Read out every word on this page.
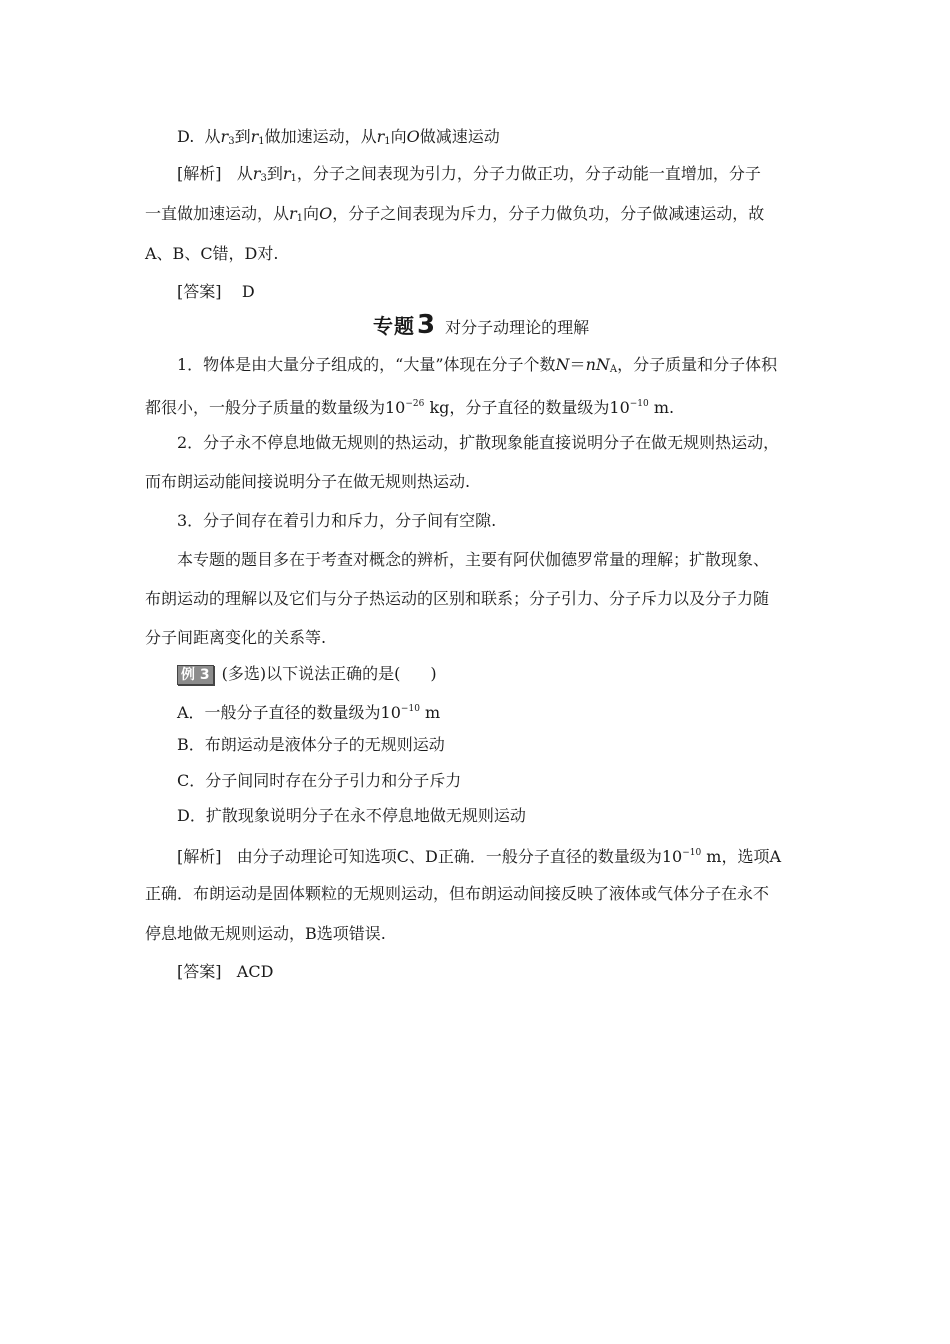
D. 从$r_3$到$r_1$做加速运动，从$r_1$向O做减速运动
[解析] 从$r_3$到$r_1$，分子之间表现为引力，分子力做正功，分子动能一直增加，分子
一直做加速运动，从$r_1$向O，分子之间表现为斥力，分子力做负功，分子做减速运动，故
A、B、C错，D对.
[答案] D
专题3 对分子动理论的理解
1．物体是由大量分子组成的，“大量”体现在分子个数$N=nN_A$，分子质量和分子体积
都很小，一般分子质量的数量级为$10^{-26}$ kg，分子直径的数量级为$10^{-10}$ m.
2．分子永不停息地做无规则的热运动，扩散现象能直接说明分子在做无规则热运动，
而布朗运动能间接说明分子在做无规则热运动.
3．分子间存在着引力和斥力，分子间有空隙.
本专题的题目多在于考查对概念的辨析，主要有阿伏伽德罗常量的理解；扩散现象、
布朗运动的理解以及它们与分子热运动的区别和联系；分子引力、分子斥力以及分子力随
分子间距离变化的关系等.
例 3 (多选)以下说法正确的是( )
A．一般分子直径的数量级为$10^{-10}$ m
B．布朗运动是液体分子的无规则运动
C．分子间同时存在分子引力和分子斥力
D．扩散现象说明分子在永不停息地做无规则运动
[解析] 由分子动理论可知选项C、D正确．一般分子直径的数量级为$10^{-10}$ m，选项A
正确．布朗运动是固体颗粒的无规则运动，但布朗运动间接反映了液体或气体分子在永不
停息地做无规则运动，B选项错误.
[答案] ACD
